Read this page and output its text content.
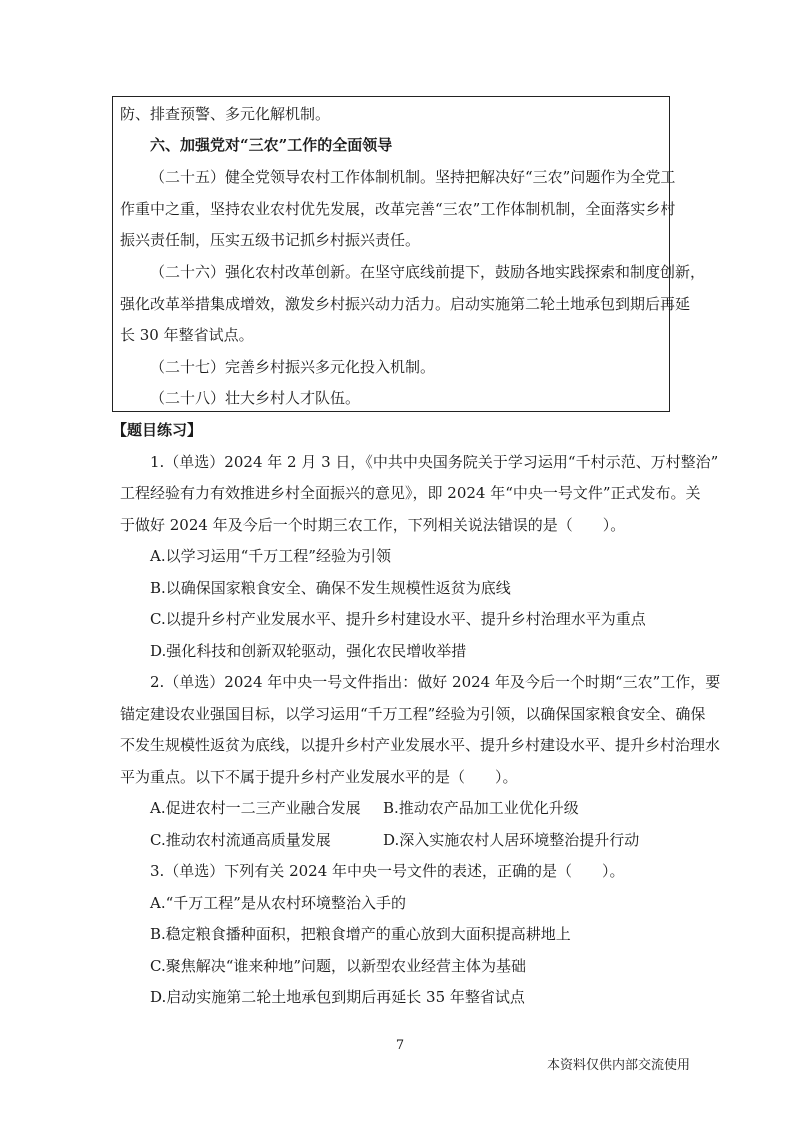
防、排查预警、多元化解机制。
六、加强党对“三农”工作的全面领导
（二十五）健全党领导农村工作体制机制。坚持把解决好“三农”问题作为全党工
作重中之重，坚持农业农村优先发展，改革完善“三农”工作体制机制，全面落实乡村
振兴责任制，压实五级书记抓乡村振兴责任。
（二十六）强化农村改革创新。在坚守底线前提下，鼓励各地实践探索和制度创新，
强化改革举措集成增效，激发乡村振兴动力活力。启动实施第二轮土地承包到期后再延
长 30 年整省试点。
（二十七）完善乡村振兴多元化投入机制。
（二十八）壮大乡村人才队伍。
【题目练习】
1.（单选）2024 年 2 月 3 日，《中共中央国务院关于学习运用“千村示范、万村整治”
工程经验有力有效推进乡村全面振兴的意见》，即 2024 年“中央一号文件”正式发布。关
于做好 2024 年及今后一个时期三农工作，下列相关说法错误的是（　　）。
A.以学习运用“千万工程”经验为引领
B.以确保国家粮食安全、确保不发生规模性返贫为底线
C.以提升乡村产业发展水平、提升乡村建设水平、提升乡村治理水平为重点
D.强化科技和创新双轮驱动，强化农民增收举措
2.（单选）2024 年中央一号文件指出：做好 2024 年及今后一个时期“三农”工作，要
锚定建设农业强国目标，以学习运用“千万工程”经验为引领，以确保国家粮食安全、确保
不发生规模性返贫为底线，以提升乡村产业发展水平、提升乡村建设水平、提升乡村治理水
平为重点。以下不属于提升乡村产业发展水平的是（　　）。
A.促进农村一二三产业融合发展 B.推动农产品加工业优化升级
C.推动农村流通高质量发展	D.深入实施农村人居环境整治提升行动
3.（单选）下列有关 2024 年中央一号文件的表述，正确的是（　　）。
A.“千万工程”是从农村环境整治入手的
B.稳定粮食播种面积，把粮食增产的重心放到大面积提高耕地上
C.聚焦解决“谁来种地”问题，以新型农业经营主体为基础
D.启动实施第二轮土地承包到期后再延长 35 年整省试点
7
本资料仅供内部交流使用
